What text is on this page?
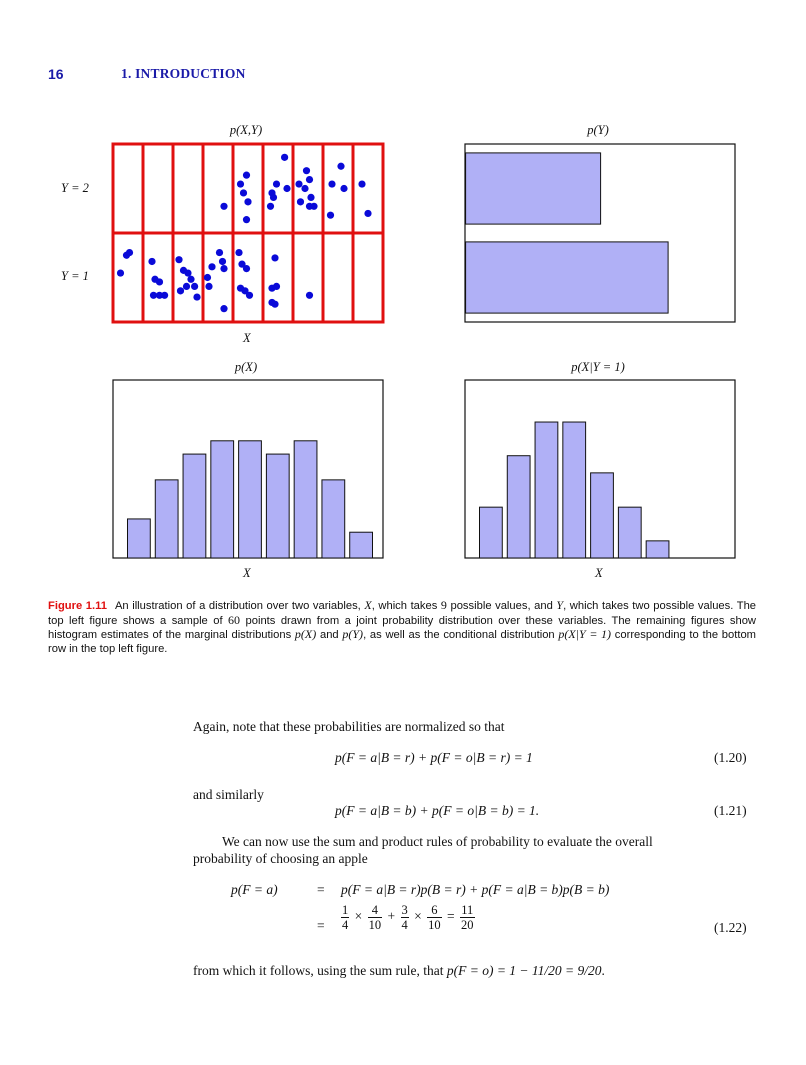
16	1. INTRODUCTION
p(X,Y)	p(Y)
Y = 2
Y = 1
X
p(X)	p(X|Y = 1)
X	X
Figure 1.11 An illustration of a distribution over two variables, X, which takes 9 possible values, and Y, which takes two possible values. The top left figure shows a sample of 60 points drawn from a joint probability distribution over these variables. The remaining figures show histogram estimates of the marginal distributions p(X) and p(Y), as well as the conditional distribution p(X|Y = 1) corresponding to the bottom row in the top left figure.
Again, note that these probabilities are normalized so that
p(F = a|B = r) + p(F = o|B = r) = 1	(1.20)
and similarly
p(F = a|B = b) + p(F = o|B = b) = 1.	(1.21)
We can now use the sum and product rules of probability to evaluate the overall
probability of choosing an apple
p(F = a)	= p(F = a|B = r)p(B = r) + p(F = a|B = b)p(B = b)
= $\frac{1}{4} \times \frac{4}{10} + \frac{3}{4} \times \frac{6}{10} = \frac{11}{20}$	(1.22)
from which it follows, using the sum rule, that p(F = o) = 1 − 11/20 = 9/20.
